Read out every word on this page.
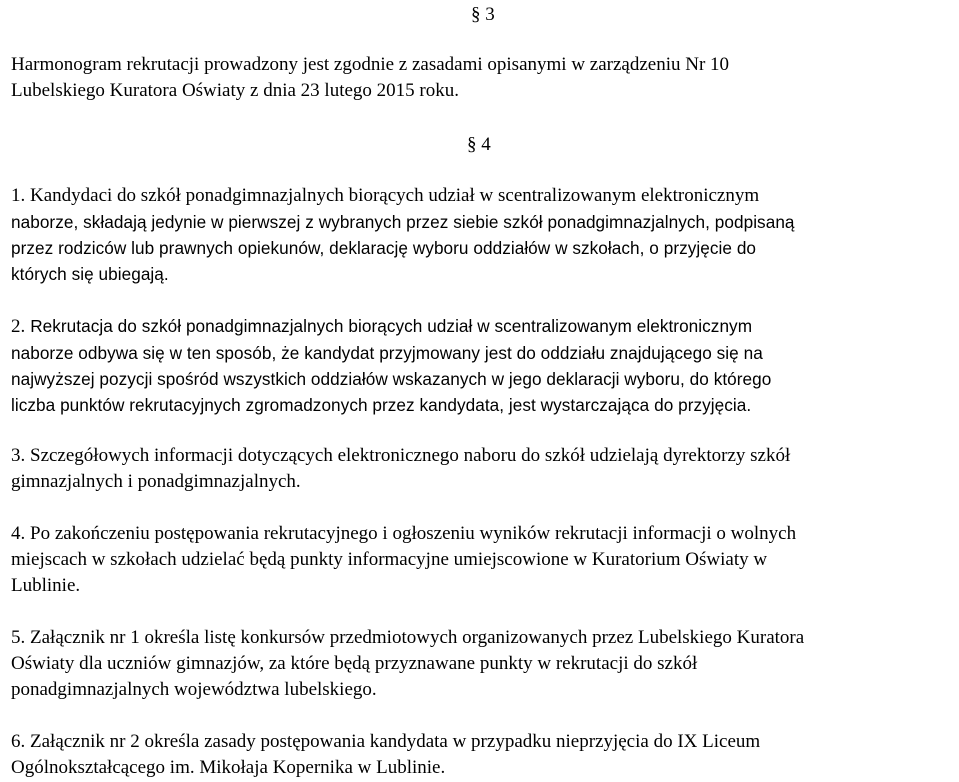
§ 3
Harmonogram rekrutacji prowadzony jest zgodnie z zasadami opisanymi w zarządzeniu Nr 10
Lubelskiego Kuratora Oświaty z dnia 23 lutego 2015 roku.
§ 4
1. Kandydaci do szkół ponadgimnazjalnych biorących udział w scentralizowanym elektronicznym
naborze, składają jedynie w pierwszej z wybranych przez siebie szkół ponadgimnazjalnych, podpisaną
przez rodziców lub prawnych opiekunów, deklarację wyboru oddziałów w szkołach, o przyjęcie do
których się ubiegają.
2. Rekrutacja do szkół ponadgimnazjalnych biorących udział w scentralizowanym elektronicznym
naborze odbywa się w ten sposób, że kandydat przyjmowany jest do oddziału znajdującego się na
najwyższej pozycji spośród wszystkich oddziałów wskazanych w jego deklaracji wyboru, do którego
liczba punktów rekrutacyjnych zgromadzonych przez kandydata, jest wystarczająca do przyjęcia.
3. Szczegółowych informacji dotyczących elektronicznego naboru do szkół udzielają dyrektorzy szkół
gimnazjalnych i ponadgimnazjalnych.
4. Po zakończeniu postępowania rekrutacyjnego i ogłoszeniu wyników rekrutacji informacji o wolnych
miejscach w szkołach udzielać będą punkty informacyjne umiejscowione w Kuratorium Oświaty w
Lublinie.
5. Załącznik nr 1 określa listę konkursów przedmiotowych organizowanych przez Lubelskiego Kuratora
Oświaty dla uczniów gimnazjów, za które będą przyznawane punkty w rekrutacji do szkół
ponadgimnazjalnych województwa lubelskiego.
6. Załącznik nr 2 określa zasady postępowania kandydata w przypadku nieprzyjęcia do IX Liceum
Ogólnokształcącego im. Mikołaja Kopernika w Lublinie.
